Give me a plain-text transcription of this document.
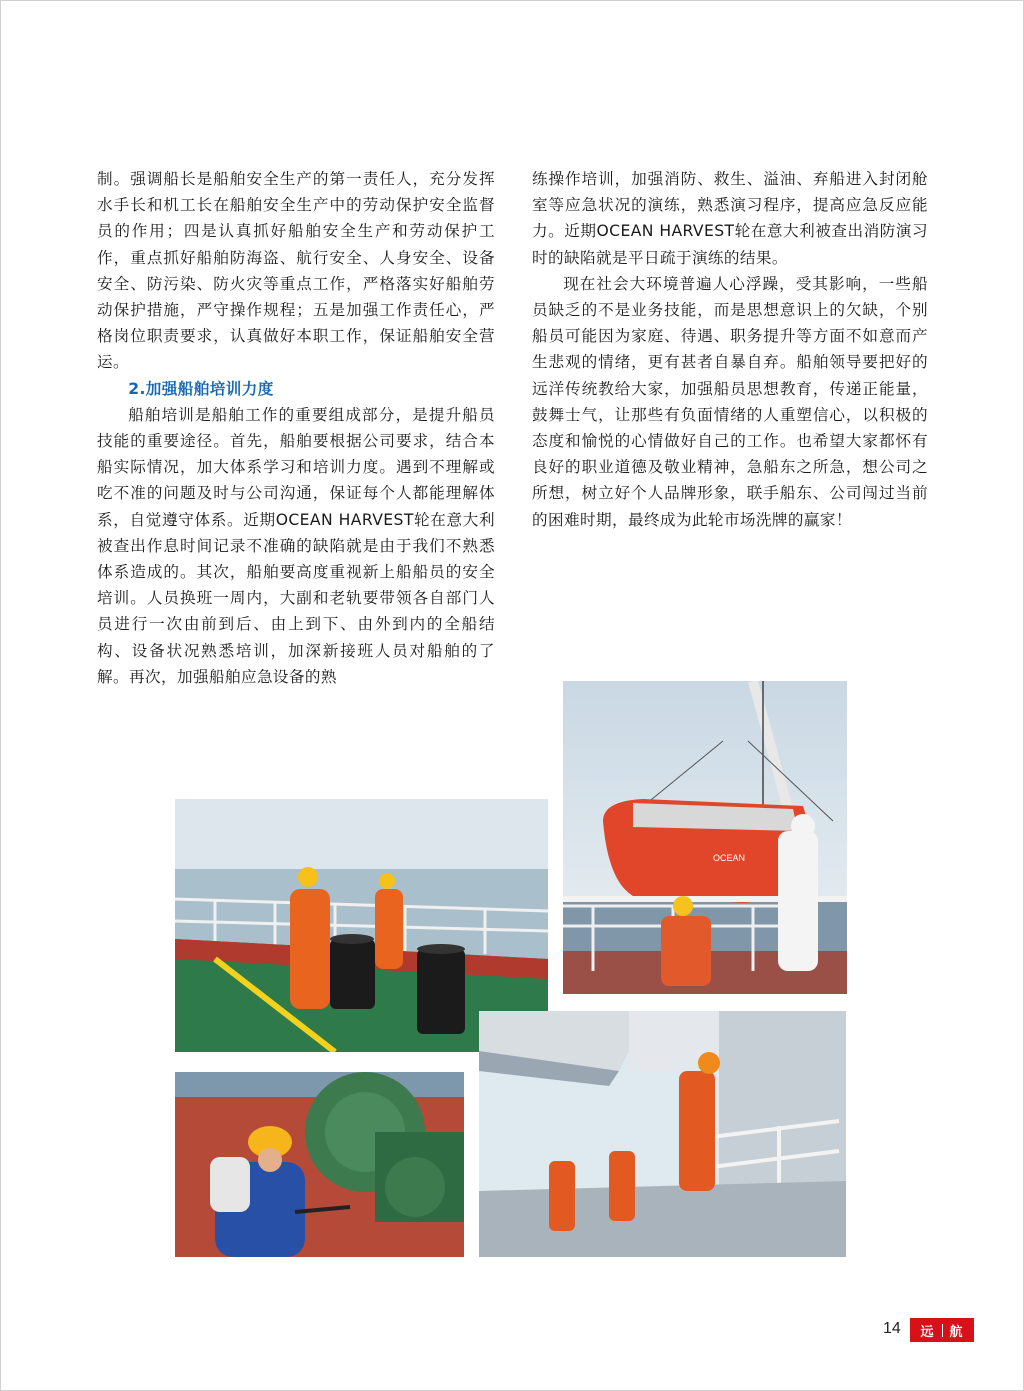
制。强调船长是船舶安全生产的第一责任人，充分发挥水手长和机工长在船舶安全生产中的劳动保护安全监督员的作用；四是认真抓好船舶安全生产和劳动保护工作，重点抓好船舶防海盗、航行安全、人身安全、设备安全、防污染、防火灾等重点工作，严格落实好船舶劳动保护措施，严守操作规程；五是加强工作责任心，严格岗位职责要求，认真做好本职工作，保证船舶安全营运。

2.加强船舶培训力度

船舶培训是船舶工作的重要组成部分，是提升船员技能的重要途径。首先，船舶要根据公司要求，结合本船实际情况，加大体系学习和培训力度。遇到不理解或吃不准的问题及时与公司沟通，保证每个人都能理解体系，自觉遵守体系。近期OCEAN HARVEST轮在意大利被查出作息时间记录不准确的缺陷就是由于我们不熟悉体系造成的。其次，船舶要高度重视新上船船员的安全培训。人员换班一周内，大副和老轨要带领各自部门人员进行一次由前到后、由上到下、由外到内的全船结构、设备状况熟悉培训，加深新接班人员对船舶的了解。再次，加强船舶应急设备的熟

练操作培训，加强消防、救生、溢油、弃船进入封闭舱室等应急状况的演练，熟悉演习程序，提高应急反应能力。近期OCEAN HARVEST轮在意大利被查出消防演习时的缺陷就是平日疏于演练的结果。

现在社会大环境普遍人心浮躁，受其影响，一些船员缺乏的不是业务技能，而是思想意识上的欠缺，个别船员可能因为家庭、待遇、职务提升等方面不如意而产生悲观的情绪，更有甚者自暴自弃。船舶领导要把好的远洋传统教给大家，加强船员思想教育，传递正能量，鼓舞士气，让那些有负面情绪的人重塑信心，以积极的态度和愉悦的心情做好自己的工作。也希望大家都怀有良好的职业道德及敬业精神，急船东之所急，想公司之所想，树立好个人品牌形象，联手船东、公司闯过当前的困难时期，最终成为此轮市场洗牌的赢家！

OCEAN
14 远 航
